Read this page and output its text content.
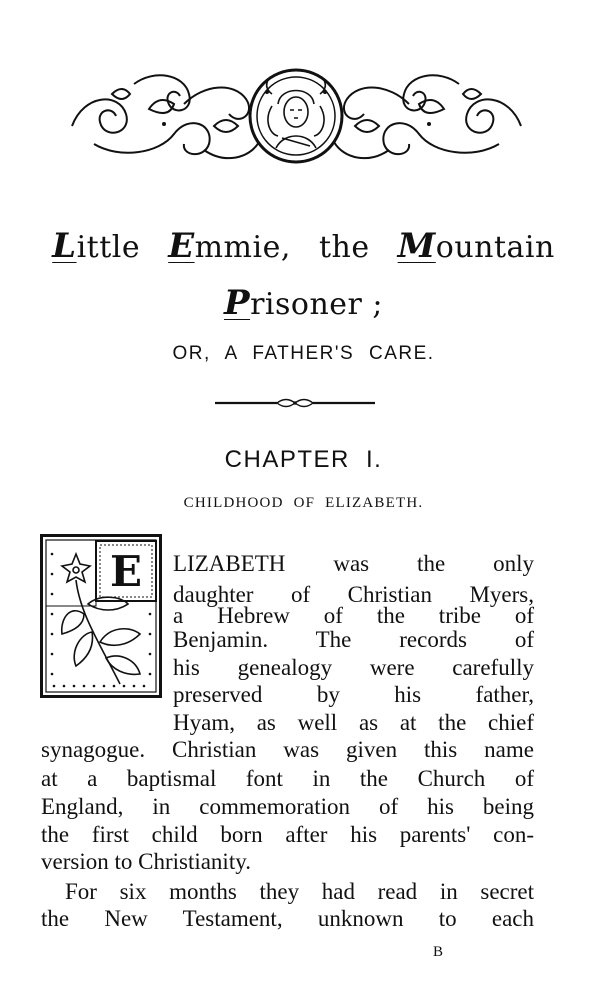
Little Emmie, the Mountain
Prisoner ;
OR, A FATHER'S CARE.
CHAPTER I.
CHILDHOOD OF ELIZABETH.
E LIZABETH was the only
daughter of Christian Myers,
a Hebrew of the tribe of
Benjamin. The records of
his genealogy were carefully
preserved by his father,
Hyam, as well as at the chief
synagogue. Christian was given this name
at a baptismal font in the Church of
England, in commemoration of his being
the first child born after his parents' con-
version to Christianity.
For six months they had read in secret
the New Testament, unknown to each
B
